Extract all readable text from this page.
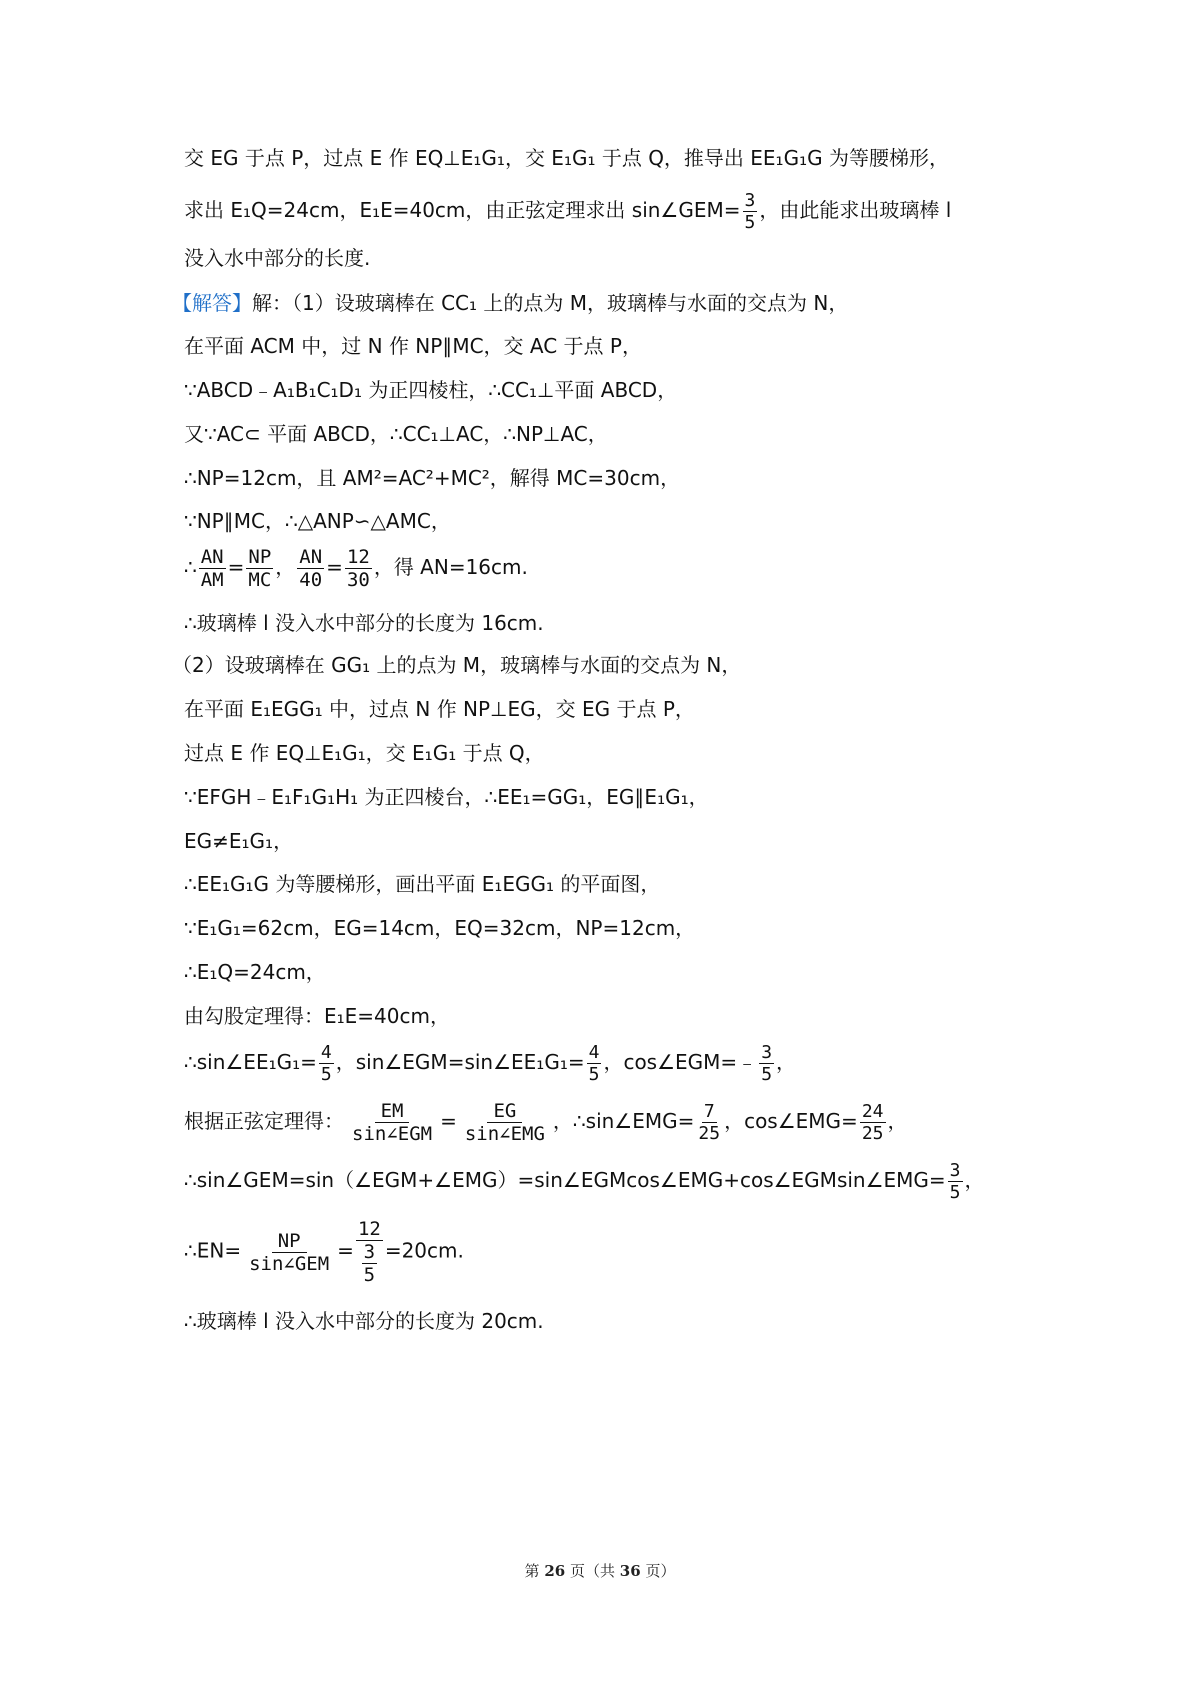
交 EG 于点 P，过点 E 作 EQ⊥E₁G₁，交 E₁G₁ 于点 Q，推导出 EE₁G₁G 为等腰梯形，
求出 E₁Q=24cm，E₁E=40cm，由正弦定理求出 sin∠GEM= $\frac{3}{5}$ ，由此能求出玻璃棒 l
没入水中部分的长度.
【解答】解：（1）设玻璃棒在 CC₁ 上的点为 M，玻璃棒与水面的交点为 N，
在平面 ACM 中，过 N 作 NP∥MC，交 AC 于点 P，
∵ABCD﹣A₁B₁C₁D₁ 为正四棱柱，∴CC₁⊥平面 ABCD，
又∵AC⊂ 平面 ABCD，∴CC₁⊥AC，∴NP⊥AC，
∴NP=12cm，且 AM²=AC²+MC²，解得 MC=30cm，
∵NP∥MC，∴△ANP∽△AMC，
∴ $\frac{AN}{AM} = \frac{NP}{MC}$ ， $\frac{AN}{40} = \frac{12}{30}$ ，得 AN=16cm.
∴玻璃棒 l 没入水中部分的长度为 16cm.
（2）设玻璃棒在 GG₁ 上的点为 M，玻璃棒与水面的交点为 N，
在平面 E₁EGG₁ 中，过点 N 作 NP⊥EG，交 EG 于点 P，
过点 E 作 EQ⊥E₁G₁，交 E₁G₁ 于点 Q，
∵EFGH﹣E₁F₁G₁H₁ 为正四棱台，∴EE₁=GG₁，EG∥E₁G₁，
EG≠E₁G₁，
∴EE₁G₁G 为等腰梯形，画出平面 E₁EGG₁ 的平面图，
∵E₁G₁=62cm，EG=14cm，EQ=32cm，NP=12cm，
∴E₁Q=24cm，
由勾股定理得：E₁E=40cm，
∴sin∠EE₁G₁= $\frac{4}{5}$ ，sin∠EGM=sin∠EE₁G₁= $\frac{4}{5}$ ，cos∠EGM=﹣ $\frac{3}{5}$ ，
根据正弦定理得： $\frac{EM}{\text{sin∠EGM}} = \frac{EG}{\text{sin∠EMG}}$ ，∴sin∠EMG= $\frac{7}{25}$ ，cos∠EMG= $\frac{24}{25}$ ，
∴sin∠GEM=sin（∠EGM+∠EMG）=sin∠EGMcos∠EMG+cos∠EGMsin∠EMG= $\frac{3}{5}$ ，
∴EN= $\frac{NP}{\text{sin∠GEM}} = \frac{12}{\frac{3}{5}} =20cm$.
∴玻璃棒 l 没入水中部分的长度为 20cm.
第 26 页（共 36 页）
